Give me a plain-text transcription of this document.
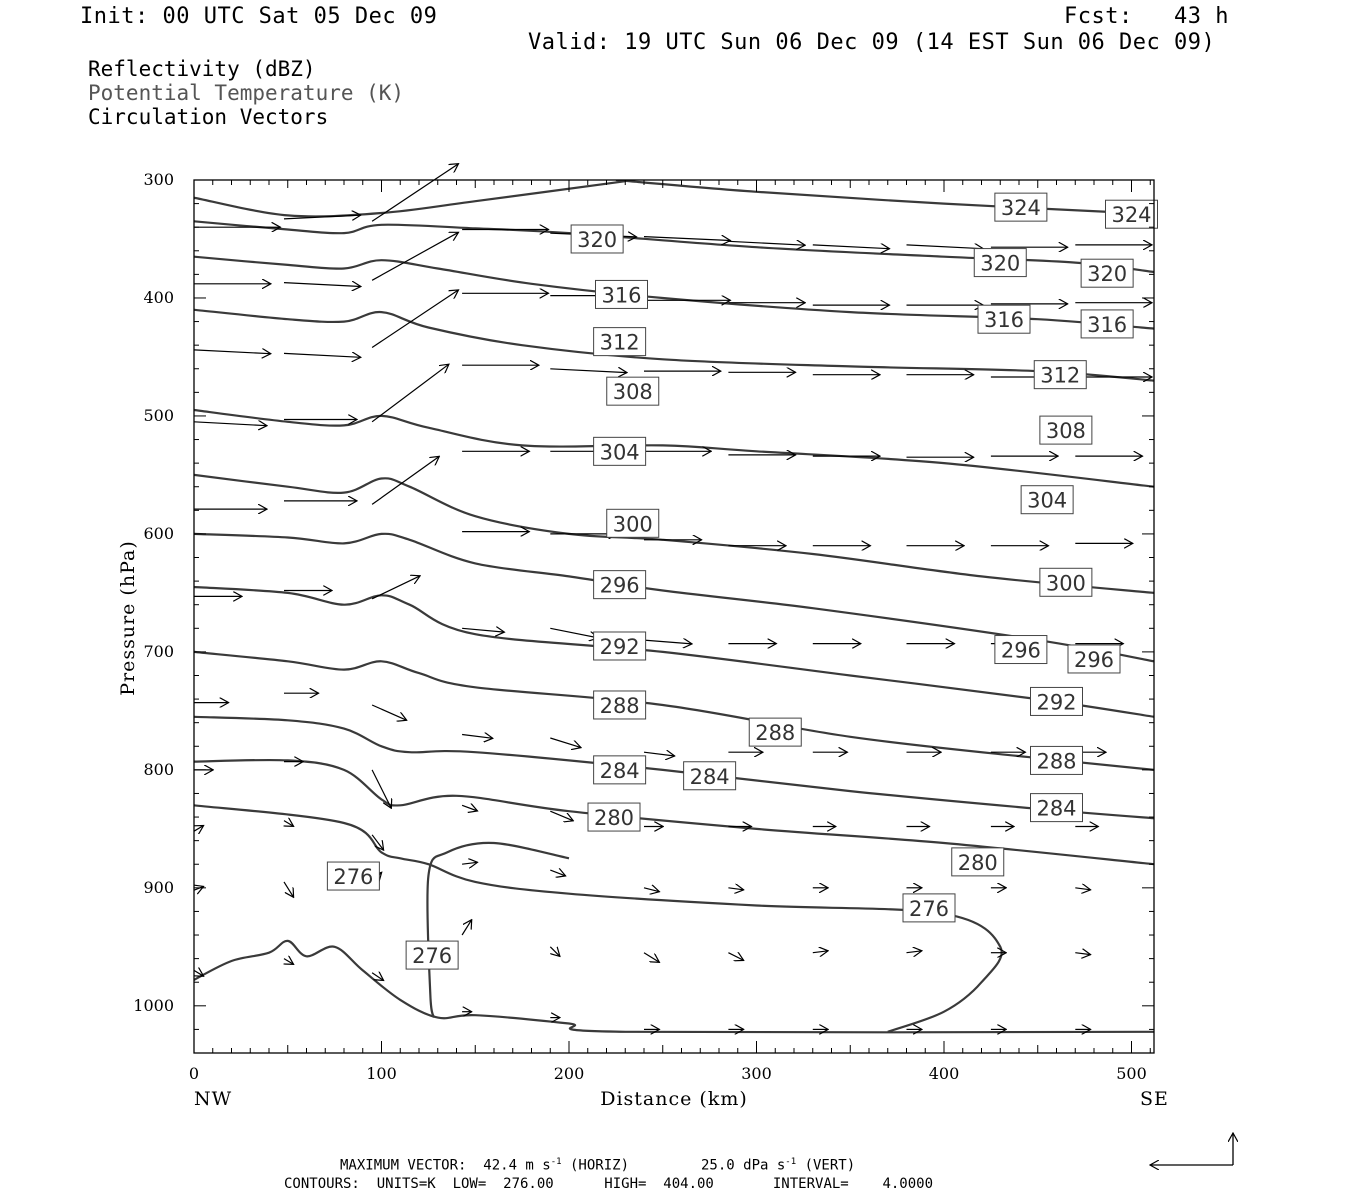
Init: 00 UTC Sat 05 Dec 09	Fcst:   43 h
Valid: 19 UTC Sun 06 Dec 09 (14 EST Sun 06 Dec 09)
Reflectivity (dBZ)
Potential Temperature (K)
Circulation Vectors
324	324
320
320	320
316
316	316
312
312
308
308
304
304
300
300
296
296 296
292
292
288
288
288
284 284
284
280
280
276
276
276
0	100	200	300	400	500
300
400
500
600
700
800
900
1000
Distance (km)
Pressure (hPa)
NW	SE
MAXIMUM VECTOR:  42.4 m $s^{-1}$ (HORIZ)	25.0 dPa $s^{-1}$ (VERT)
CONTOURS:  UNITS=K  LOW=  276.00      HIGH=  404.00       INTERVAL=    4.0000
